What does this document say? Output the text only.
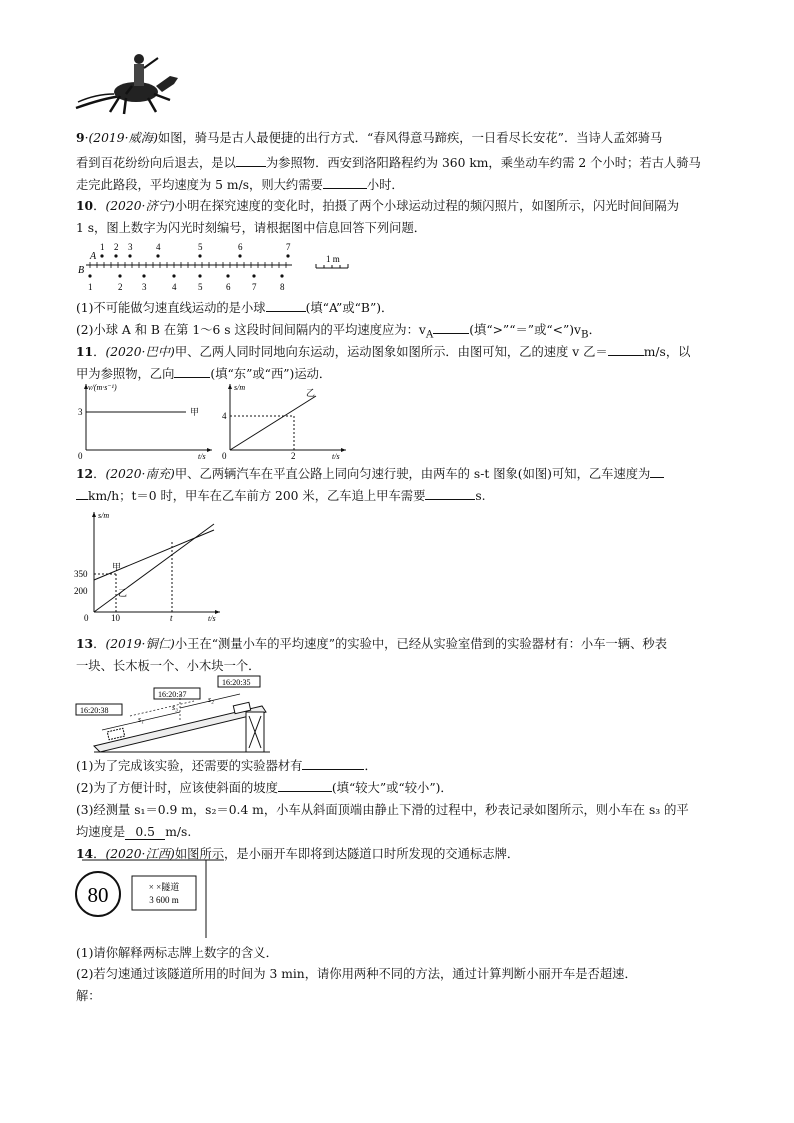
9·(2019·威海)如图，骑马是古人最便捷的出行方式．“春风得意马蹄疾，一日看尽长安花”．当诗人孟郊骑马
看到百花纷纷向后退去，是以 为参照物．西安到洛阳路程约为 360 km，乘坐动车约需 2 个小时；若古人骑马
走完此路段，平均速度为 5 m/s，则大约需要	小时．
10．(2020·济宁)小明在探究速度的变化时，拍摄了两个小球运动过程的频闪照片，如图所示，闪光时间间隔为
1 s，图上数字为闪光时刻编号，请根据图中信息回答下列问题．
A
B
1 2 3	4	5	6	7
1	2 3	4 5	6 7	8
1 m
(1)不可能做匀速直线运动的是小球	(填“A”或“B”)．
(2)小球 A 和 B 在第 1～6 s 这段时间间隔内的平均速度应为：$v_A$	(填“>”“＝”或“$<”)v_B$．
11．(2020·巴中)甲、乙两人同时同地向东运动，运动图象如图所示．由图可知，乙的速度 v 乙＝	m/s，以
甲为参照物，乙向	(填“东”或“西”)运动．
v/(m·s⁻¹)
t/s
0
3	甲
s/m
t/s
0
4
2
乙
12．(2020·南充)甲、乙两辆汽车在平直公路上同向匀速行驶，由两车的 s-t 图象(如图)可知，乙车速度为
km/h；t＝0 时，甲车在乙车前方 200 米，乙车追上甲车需要	s.
s/m
t/s
0
350
200
10	t
甲
乙
13．(2019·铜仁)小王在“测量小车的平均速度”的实验中，已经从实验室借到的实验器材有：小车一辆、秒表
一块、长木板一个、小木块一个．
16:20:35
16:20:37
16:20:38
s₁
s₃
s₂
(1)为了完成该实验，还需要的实验器材有	．
(2)为了方便计时，应该使斜面的坡度	(填“较大”或“较小”)．
(3)经测量 s₁＝0.9 m，s₂＝0.4 m，小车从斜面顶端由静止下滑的过程中，秒表记录如图所示，则小车在 s₃ 的平
均速度是 0.5 m/s.
14．(2020·江西)如图所示，是小丽开车即将到达隧道口时所发现的交通标志牌．
80	× ×隧道
3 600 m
(1)请你解释两标志牌上数字的含义．
(2)若匀速通过该隧道所用的时间为 3 min，请你用两种不同的方法，通过计算判断小丽开车是否超速．
解：
